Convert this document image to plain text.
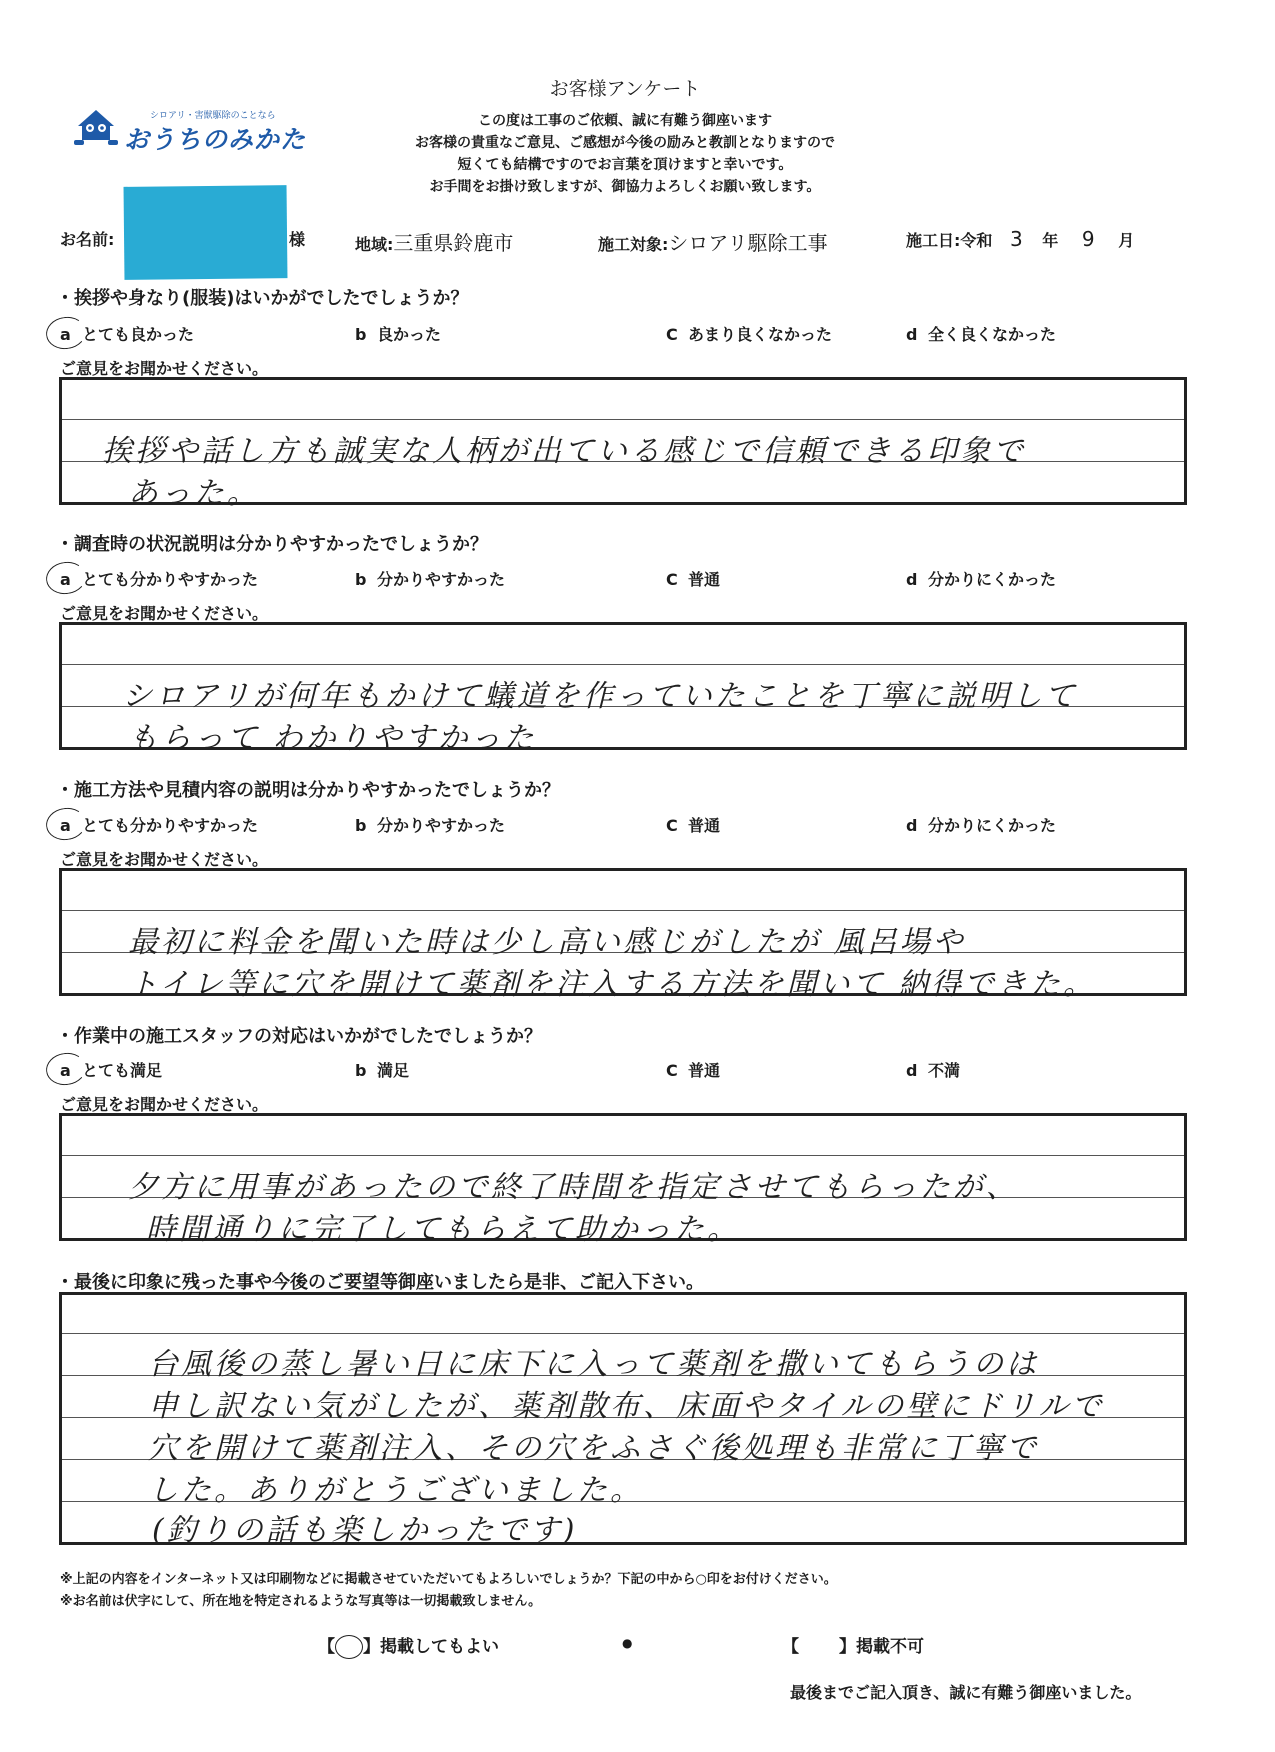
シロアリ・害獣駆除のことなら
おうちのみかた
お客様アンケート
この度は工事のご依頼、誠に有難う御座います
お客様の貴重なご意見、ご感想が今後の励みと教訓となりますので
短くても結構ですのでお言葉を頂けますと幸いです。
お手間をお掛け致しますが、御協力よろしくお願い致します。
お名前:	様	地域:三重県鈴鹿市	施工対象:シロアリ駆除工事	施工日:令和 3 年 9 月
・挨拶や身なり(服装)はいかがでしたでしょうか？
a とても良かった	b 良かった	C あまり良くなかった	d 全く良くなかった
ご意見をお聞かせください。
挨拶や話し方も誠実な人柄が出ている感じで信頼できる印象で
あった。
・調査時の状況説明は分かりやすかったでしょうか？
a とても分かりやすかった	b 分かりやすかった	C 普通	d 分かりにくかった
ご意見をお聞かせください。
シロアリが何年もかけて蟻道を作っていたことを丁寧に説明して
もらって わかりやすかった
・施工方法や見積内容の説明は分かりやすかったでしょうか？
a とても分かりやすかった	b 分かりやすかった	C 普通	d 分かりにくかった
ご意見をお聞かせください。
最初に料金を聞いた時は少し高い感じがしたが 風呂場や
トイレ等に穴を開けて薬剤を注入する方法を聞いて 納得できた。
・作業中の施工スタッフの対応はいかがでしたでしょうか？
a とても満足	b 満足	C 普通	d 不満
ご意見をお聞かせください。
夕方に用事があったので終了時間を指定させてもらったが、
時間通りに完了してもらえて助かった。
・最後に印象に残った事や今後のご要望等御座いましたら是非、ご記入下さい。
台風後の蒸し暑い日に床下に入って薬剤を撒いてもらうのは
申し訳ない気がしたが、薬剤散布、床面やタイルの壁にドリルで
穴を開けて薬剤注入、その穴をふさぐ後処理も非常に丁寧で
した。ありがとうございました。
(釣りの話も楽しかったです)
※上記の内容をインターネット又は印刷物などに掲載させていただいてもよろしいでしょうか？下記の中から○印をお付けください。
※お名前は伏字にして、所在地を特定されるような写真等は一切掲載致しません。
【 】掲載してもよい	●	【 】掲載不可
最後までご記入頂き、誠に有難う御座いました。
